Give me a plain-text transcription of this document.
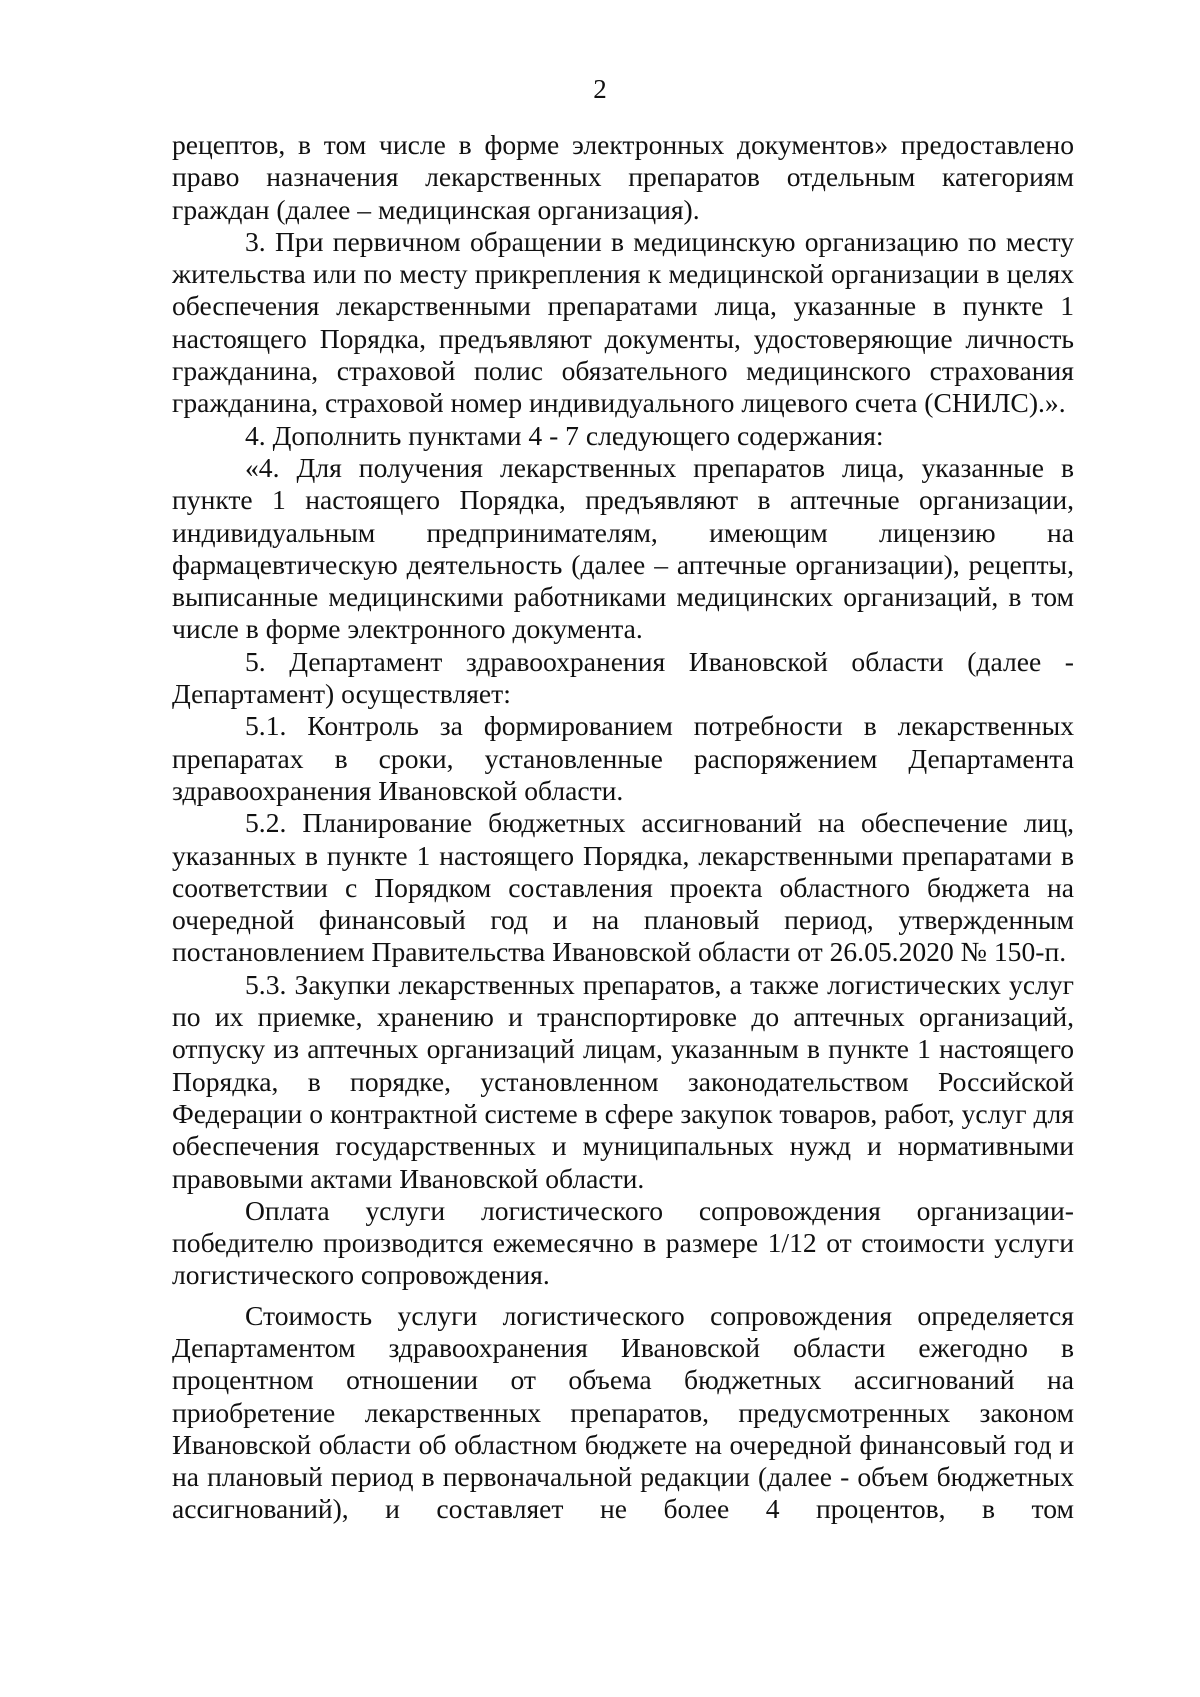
2

рецептов, в том числе в форме электронных документов» предоставлено право назначения лекарственных препаратов отдельным категориям граждан (далее – медицинская организация).

3. При первичном обращении в медицинскую организацию по месту жительства или по месту прикрепления к медицинской организации в целях обеспечения лекарственными препаратами лица, указанные в пункте 1 настоящего Порядка, предъявляют документы, удостоверяющие личность гражданина, страховой полис обязательного медицинского страхования гражданина, страховой номер индивидуального лицевого счета (СНИЛС).».

4. Дополнить пунктами 4 - 7 следующего содержания:

«4. Для получения лекарственных препаратов лица, указанные в пункте 1 настоящего Порядка, предъявляют в аптечные организации, индивидуальным предпринимателям, имеющим лицензию на фармацевтическую деятельность (далее – аптечные организации), рецепты, выписанные медицинскими работниками медицинских организаций, в том числе в форме электронного документа.

5. Департамент здравоохранения Ивановской области (далее - Департамент) осуществляет:

5.1. Контроль за формированием потребности в лекарственных препаратах в сроки, установленные распоряжением Департамента здравоохранения Ивановской области.

5.2. Планирование бюджетных ассигнований на обеспечение лиц, указанных в пункте 1 настоящего Порядка, лекарственными препаратами в соответствии с Порядком составления проекта областного бюджета на очередной финансовый год и на плановый период, утвержденным постановлением Правительства Ивановской области от 26.05.2020 № 150-п.

5.3. Закупки лекарственных препаратов, а также логистических услуг по их приемке, хранению и транспортировке до аптечных организаций, отпуску из аптечных организаций лицам, указанным в пункте 1 настоящего Порядка, в порядке, установленном законодательством Российской Федерации о контрактной системе в сфере закупок товаров, работ, услуг для обеспечения государственных и муниципальных нужд и нормативными правовыми актами Ивановской области.

Оплата услуги логистического сопровождения организации-победителю производится ежемесячно в размере 1/12 от стоимости услуги логистического сопровождения.

Стоимость услуги логистического сопровождения определяется Департаментом здравоохранения Ивановской области ежегодно в процентном отношении от объема бюджетных ассигнований на приобретение лекарственных препаратов, предусмотренных законом Ивановской области об областном бюджете на очередной финансовый год и на плановый период в первоначальной редакции (далее - объем бюджетных ассигнований), и составляет не более 4 процентов, в том
